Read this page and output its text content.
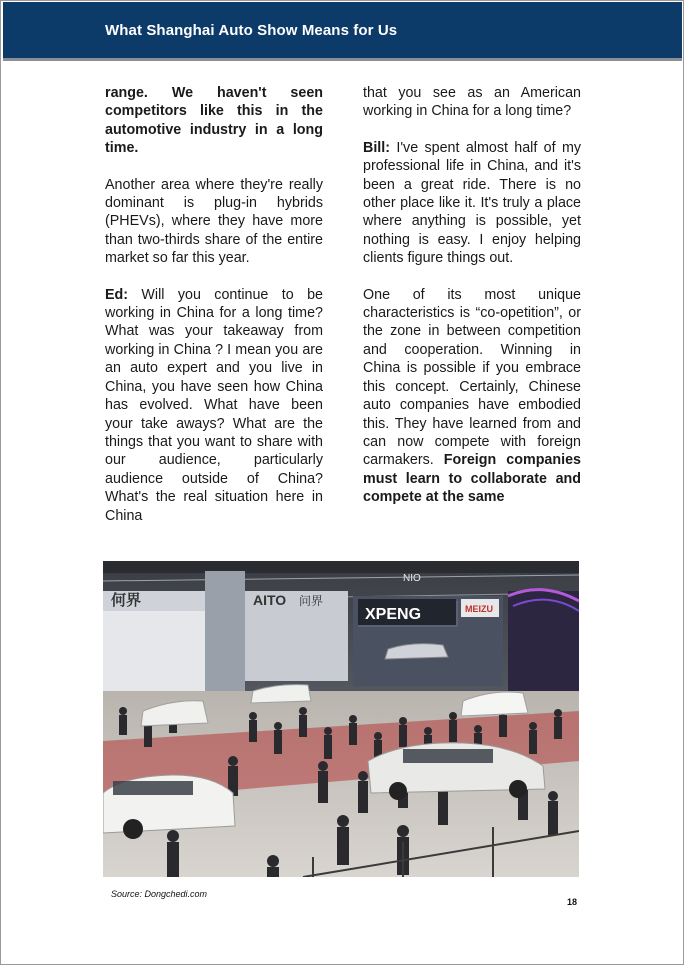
What Shanghai Auto Show Means for Us

range. We haven't seen competitors like this in the automotive industry in a long time.

Another area where they're really dominant is plug-in hybrids (PHEVs), where they have more than two-thirds share of the entire market so far this year.

Ed: Will you continue to be working in China for a long time? What was your takeaway from working in China ? I mean you are an auto expert and you live in China, you have seen how China has evolved. What have been your take aways? What are the things that you want to share with our audience, particularly audience outside of China? What's the real situation here in China

that you see as an American working in China for a long time?

Bill: I've spent almost half of my professional life in China, and it's been a great ride. There is no other place like it. It's truly a place where anything is possible, yet nothing is easy. I enjoy helping clients figure things out.

One of its most unique characteristics is “co-opetition”, or the zone in between competition and cooperation. Winning in China is possible if you embrace this concept. Certainly, Chinese auto companies have embodied this. They have learned from and can now compete with foreign carmakers. Foreign companies must learn to collaborate and compete at the same

何界	AITO 问界
XPENG	MEIZU
NIO
Source: Dongchedi.com
18
